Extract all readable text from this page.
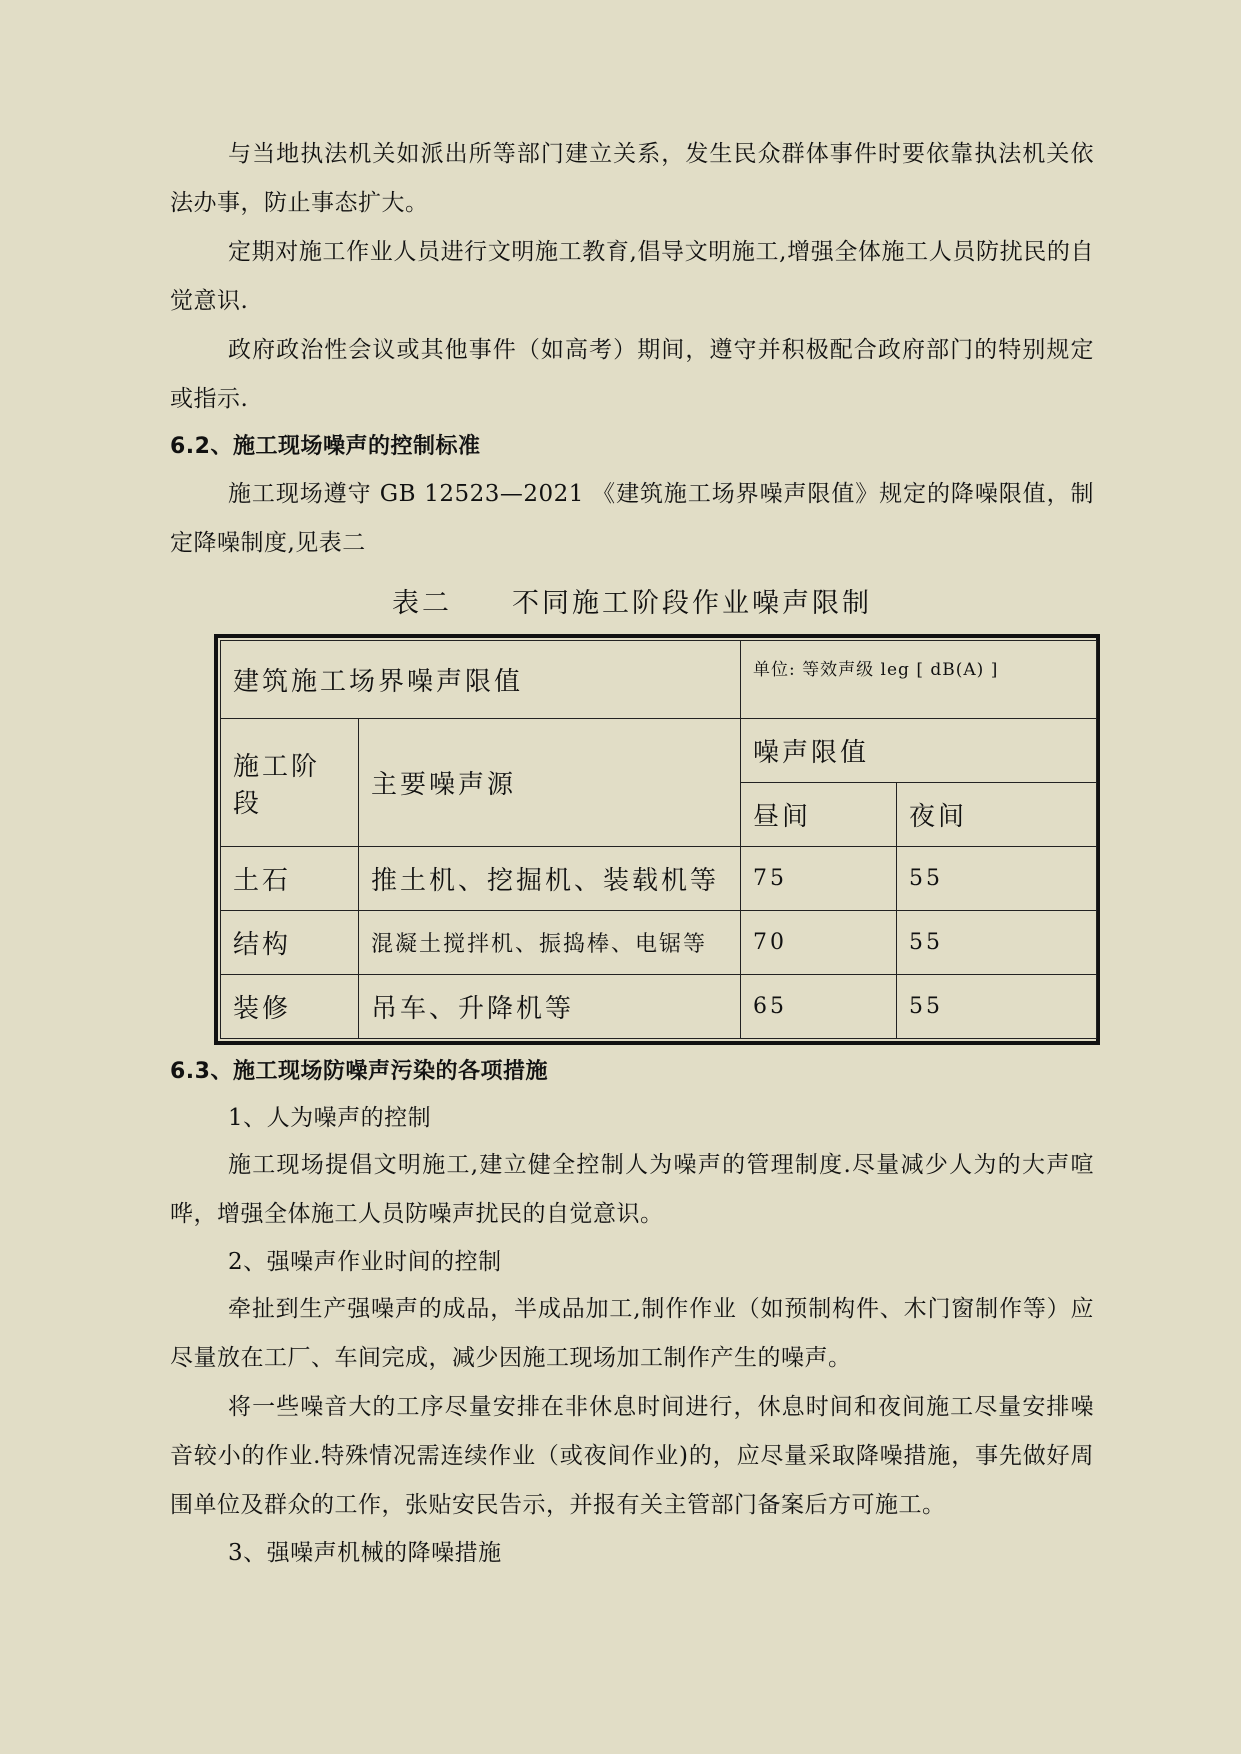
与当地执法机关如派出所等部门建立关系，发生民众群体事件时要依靠执法机关依法办事，防止事态扩大。

定期对施工作业人员进行文明施工教育,倡导文明施工,增强全体施工人员防扰民的自觉意识.

政府政治性会议或其他事件（如高考）期间，遵守并积极配合政府部门的特别规定或指示.

6.2、施工现场噪声的控制标准

施工现场遵守 GB 12523—2021 《建筑施工场界噪声限值》规定的降噪限值，制定降噪制度,见表二

表二 不同施工阶段作业噪声限制
建筑施工场界噪声限值		单位: 等效声级 leg [ dB(A) ]	
施工阶段	主要噪声源	噪声限值	
		昼间	夜间
土石	推土机、挖掘机、装载机等	75	55
结构	混凝土搅拌机、振捣棒、电锯等	70	55
装修	吊车、升降机等	65	55
6.3、施工现场防噪声污染的各项措施

1、人为噪声的控制

施工现场提倡文明施工,建立健全控制人为噪声的管理制度.尽量减少人为的大声喧哗，增强全体施工人员防噪声扰民的自觉意识。

2、强噪声作业时间的控制

牵扯到生产强噪声的成品，半成品加工,制作作业（如预制构件、木门窗制作等）应尽量放在工厂、车间完成，减少因施工现场加工制作产生的噪声。

将一些噪音大的工序尽量安排在非休息时间进行，休息时间和夜间施工尽量安排噪音较小的作业.特殊情况需连续作业（或夜间作业)的，应尽量采取降噪措施，事先做好周围单位及群众的工作，张贴安民告示，并报有关主管部门备案后方可施工。

3、强噪声机械的降噪措施
